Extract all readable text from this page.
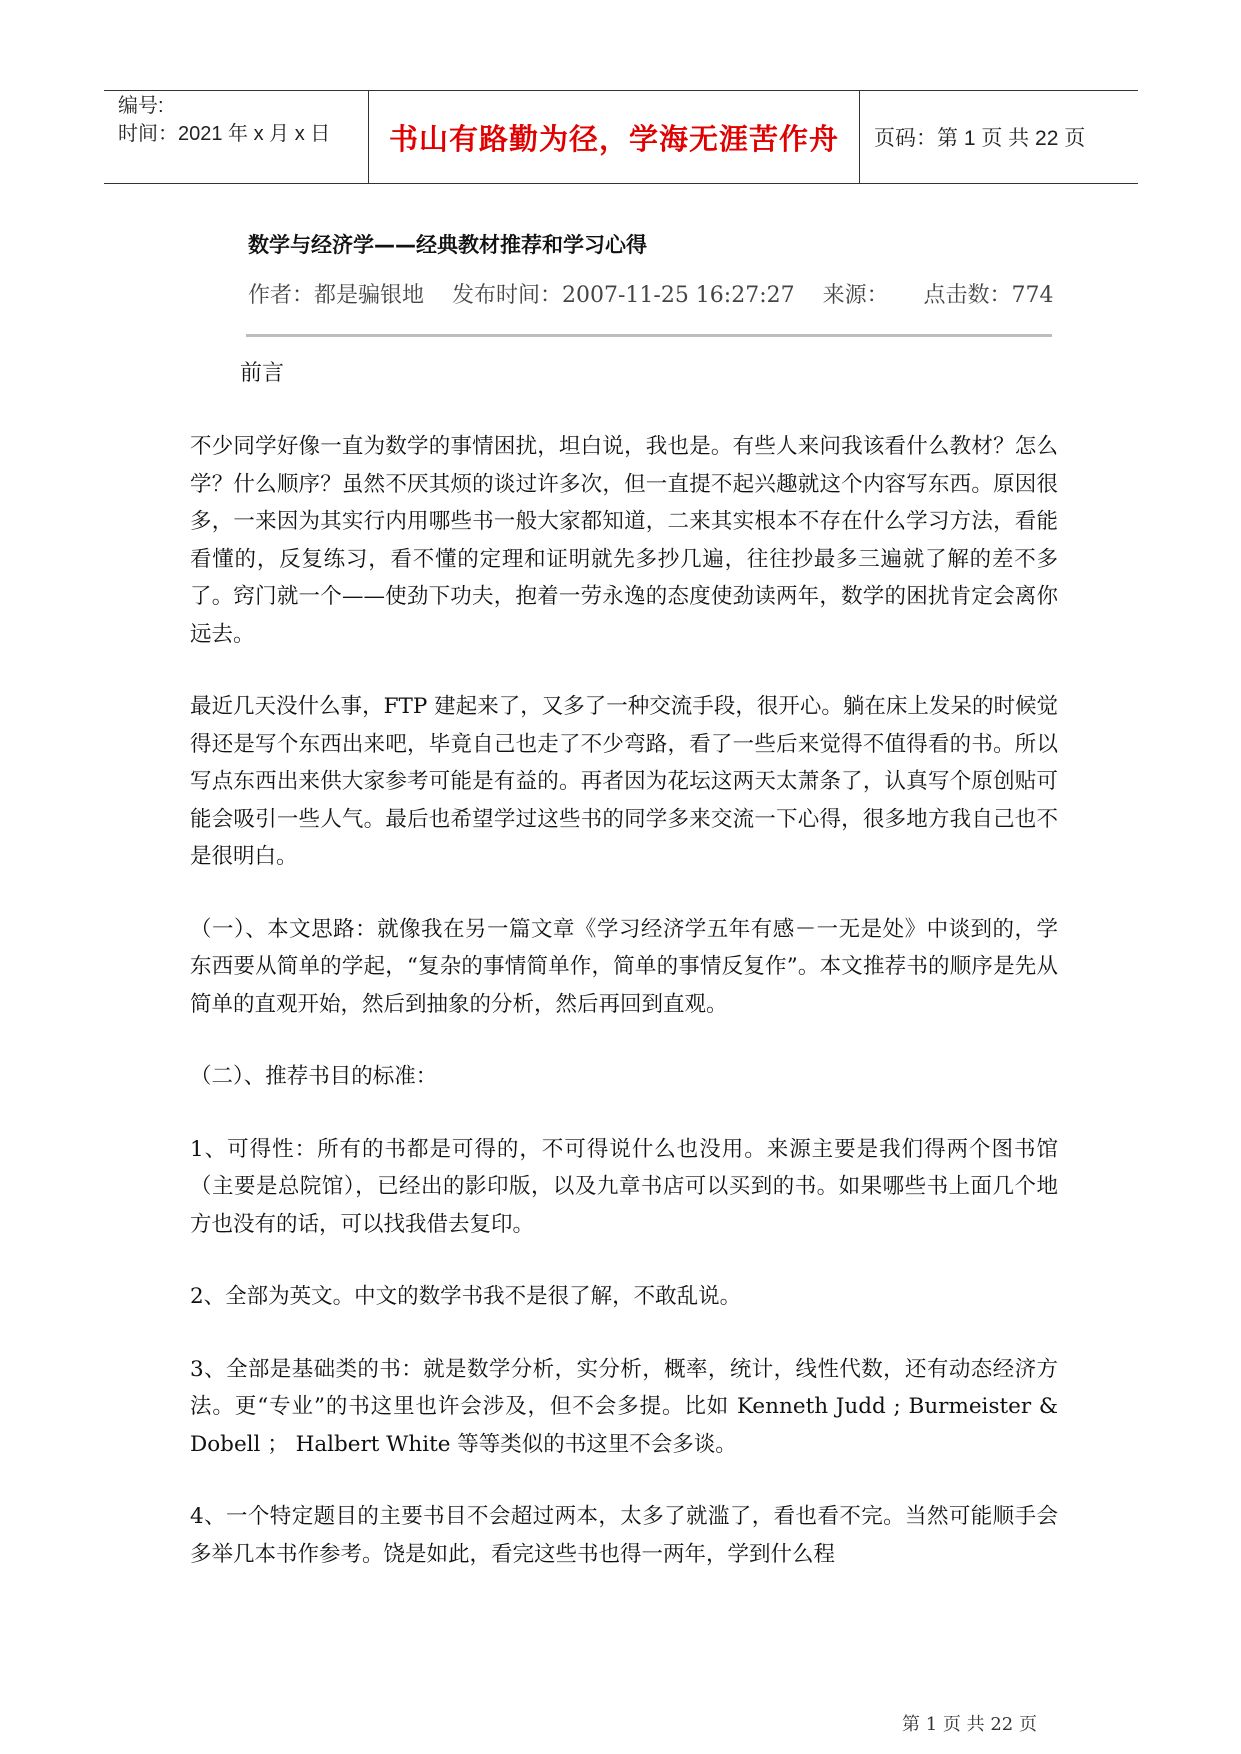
编号:
时间：2021 年 x 月 x 日	书山有路勤为径，学海无涯苦作舟	页码：第 1 页 共 22 页
数学与经济学——经典教材推荐和学习心得
作者：都是骗银地    发布时间：2007-11-25 16:27:27    来源：     点击数：774
前言

不少同学好像一直为数学的事情困扰，坦白说，我也是。有些人来问我该看什么教材？怎么学？什么顺序？虽然不厌其烦的谈过许多次，但一直提不起兴趣就这个内容写东西。原因很多，一来因为其实行内用哪些书一般大家都知道，二来其实根本不存在什么学习方法，看能看懂的，反复练习，看不懂的定理和证明就先多抄几遍，往往抄最多三遍就了解的差不多了。窍门就一个——使劲下功夫，抱着一劳永逸的态度使劲读两年，数学的困扰肯定会离你远去。

最近几天没什么事，FTP 建起来了，又多了一种交流手段，很开心。躺在床上发呆的时候觉得还是写个东西出来吧，毕竟自己也走了不少弯路，看了一些后来觉得不值得看的书。所以写点东西出来供大家参考可能是有益的。再者因为花坛这两天太萧条了，认真写个原创贴可能会吸引一些人气。最后也希望学过这些书的同学多来交流一下心得，很多地方我自己也不是很明白。

（一）、本文思路：就像我在另一篇文章《学习经济学五年有感－一无是处》中谈到的，学东西要从简单的学起，“复杂的事情简单作，简单的事情反复作”。本文推荐书的顺序是先从简单的直观开始，然后到抽象的分析，然后再回到直观。

（二）、推荐书目的标准：

1、可得性：所有的书都是可得的，不可得说什么也没用。来源主要是我们得两个图书馆（主要是总院馆），已经出的影印版，以及九章书店可以买到的书。如果哪些书上面几个地方也没有的话，可以找我借去复印。

2、全部为英文。中文的数学书我不是很了解，不敢乱说。

3、全部是基础类的书：就是数学分析，实分析，概率，统计，线性代数，还有动态经济方法。更“专业”的书这里也许会涉及，但不会多提。比如 Kenneth Judd ; Burmeister & Dobell ； Halbert White 等等类似的书这里不会多谈。

4、一个特定题目的主要书目不会超过两本，太多了就滥了，看也看不完。当然可能顺手会多举几本书作参考。饶是如此，看完这些书也得一两年，学到什么程

第 1 页 共 22 页
